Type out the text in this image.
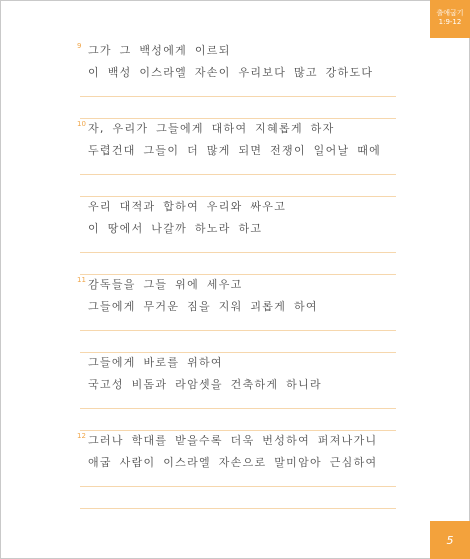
출애굽기
1:9-12
9 그가 그 백성에게 이르되
이 백성 이스라엘 자손이 우리보다 많고 강하도다
10 자, 우리가 그들에게 대하여 지혜롭게 하자
두렵건대 그들이 더 많게 되면 전쟁이 일어날 때에
우리 대적과 합하여 우리와 싸우고
이 땅에서 나갈까 하노라 하고
11 감독들을 그들 위에 세우고
그들에게 무거운 짐을 지워 괴롭게 하여
그들에게 바로를 위하여
국고성 비돔과 라암셋을 건축하게 하니라
12 그러나 학대를 받을수록 더욱 번성하여 퍼져나가니
애굽 사람이 이스라엘 자손으로 말미암아 근심하여
5
